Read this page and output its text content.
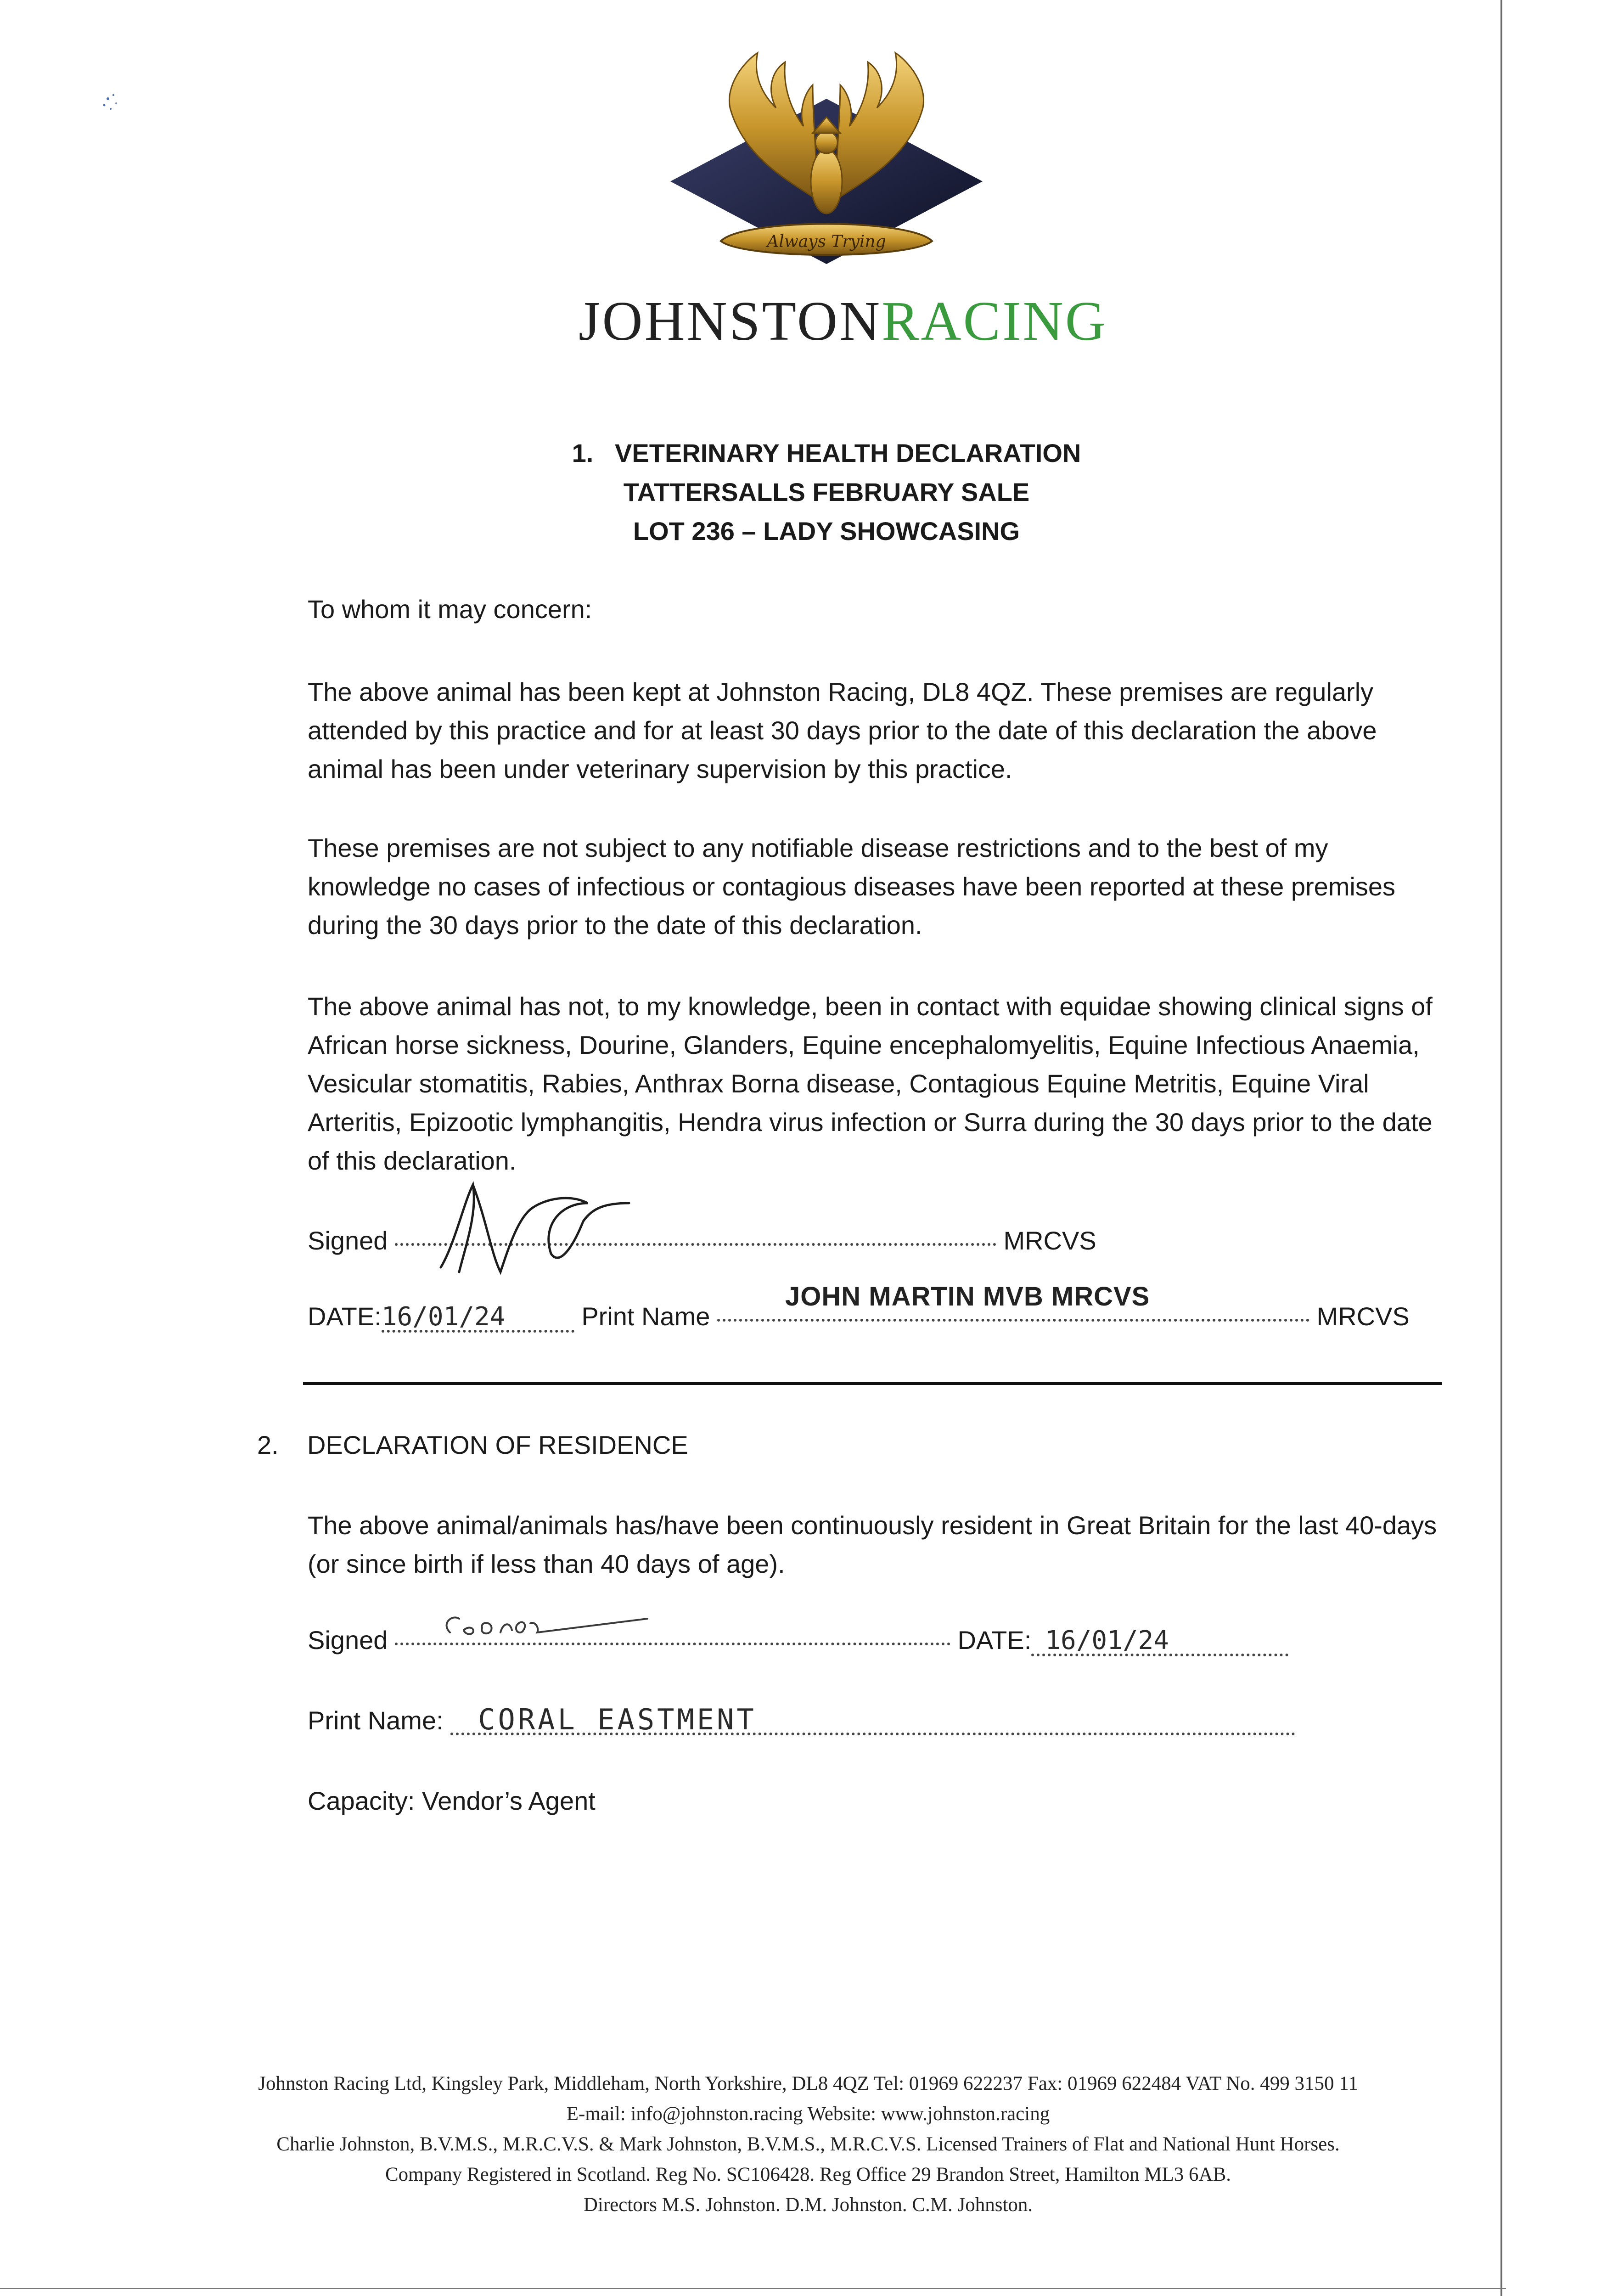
Always Trying
JOHNSTONRACING
1. VETERINARY HEALTH DECLARATION
TATTERSALLS FEBRUARY SALE
LOT 236 – LADY SHOWCASING
To whom it may concern:
The above animal has been kept at Johnston Racing, DL8 4QZ. These premises are regularly attended by this practice and for at least 30 days prior to the date of this declaration the above animal has been under veterinary supervision by this practice.
These premises are not subject to any notifiable disease restrictions and to the best of my knowledge no cases of infectious or contagious diseases have been reported at these premises during the 30 days prior to the date of this declaration.
The above animal has not, to my knowledge, been in contact with equidae showing clinical signs of African horse sickness, Dourine, Glanders, Equine encephalomyelitis, Equine Infectious Anaemia, Vesicular stomatitis, Rabies, Anthrax Borna disease, Contagious Equine Metritis, Equine Viral Arteritis, Epizootic lymphangitis, Hendra virus infection or Surra during the 30 days prior to the date of this declaration.
Signed	MRCVS
DATE:16/01/24	Print Name	MRCVS
JOHN MARTIN MVB MRCVS
2. DECLARATION OF RESIDENCE
The above animal/animals has/have been continuously resident in Great Britain for the last 40-days (or since birth if less than 40 days of age).
Signed	DATE: 16/01/24
Print Name: CORAL EASTMENT
Capacity: Vendor’s Agent
Johnston Racing Ltd, Kingsley Park, Middleham, North Yorkshire, DL8 4QZ Tel: 01969 622237 Fax: 01969 622484 VAT No. 499 3150 11
E-mail: info@johnston.racing Website: www.johnston.racing
Charlie Johnston, B.V.M.S., M.R.C.V.S. & Mark Johnston, B.V.M.S., M.R.C.V.S. Licensed Trainers of Flat and National Hunt Horses.
Company Registered in Scotland. Reg No. SC106428. Reg Office 29 Brandon Street, Hamilton ML3 6AB.
Directors M.S. Johnston. D.M. Johnston. C.M. Johnston.
